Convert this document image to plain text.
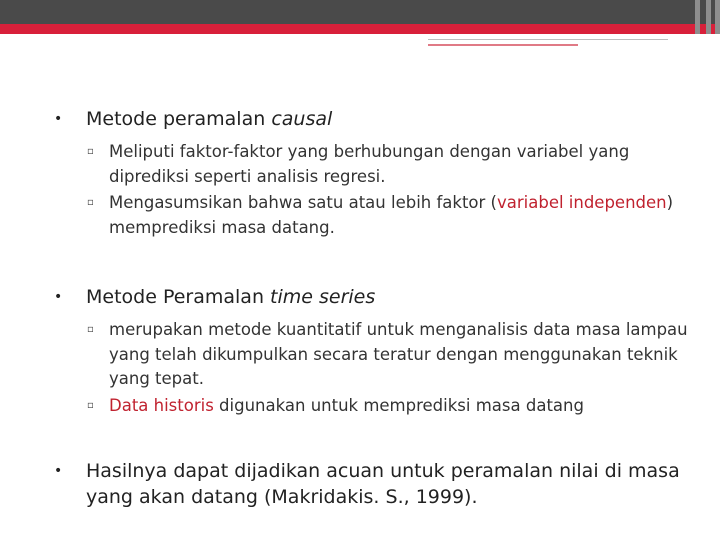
•	Metode peramalan causal

▫ Meliputi faktor-faktor yang berhubungan dengan variabel yang diprediksi seperti analisis regresi.

▫ Mengasumsikan bahwa satu atau lebih faktor (variabel independen) memprediksi masa datang.

•	Metode Peramalan time series

▫ merupakan metode kuantitatif untuk menganalisis data masa lampau yang telah dikumpulkan secara teratur dengan menggunakan teknik yang tepat.

▫ Data historis digunakan untuk memprediksi masa datang

•	Hasilnya dapat dijadikan acuan untuk peramalan nilai di masa yang akan datang (Makridakis. S., 1999).
